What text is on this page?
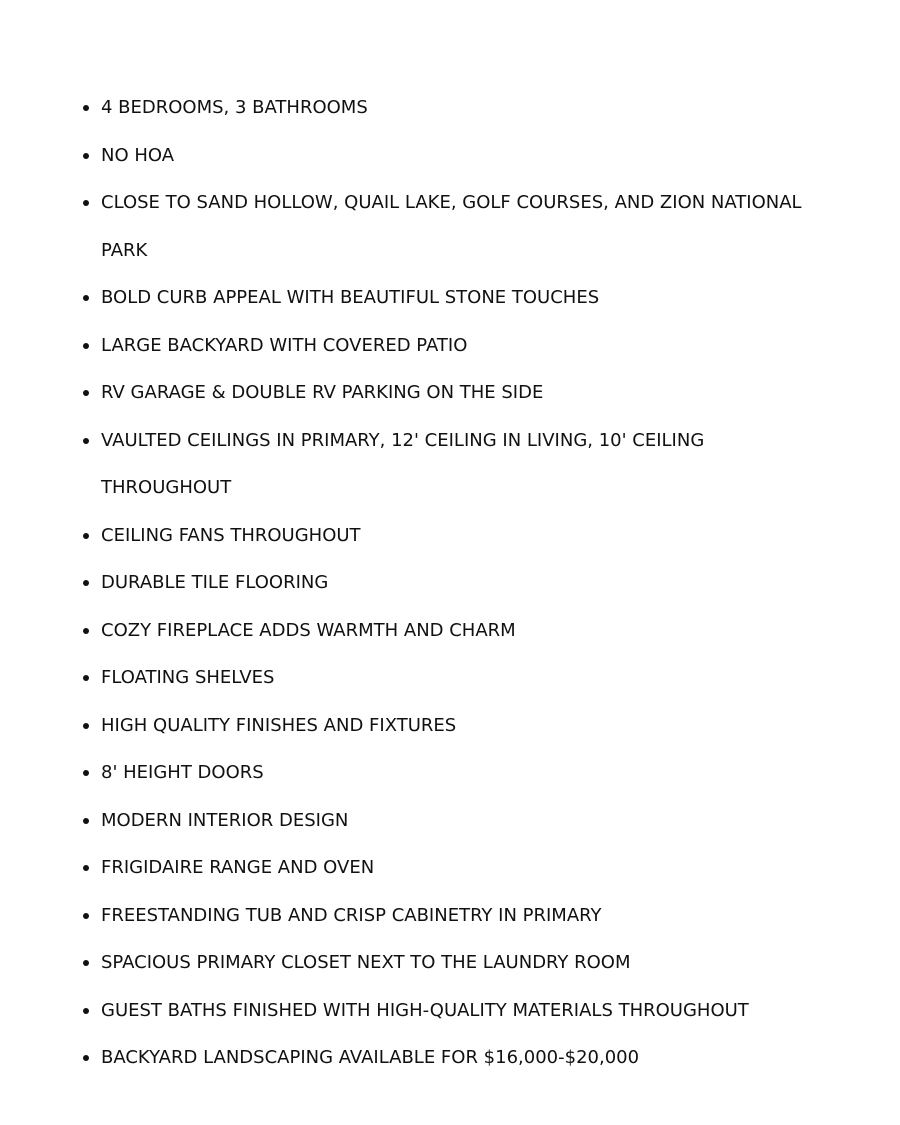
4 BEDROOMS, 3 BATHROOMS
NO HOA
CLOSE TO SAND HOLLOW, QUAIL LAKE, GOLF COURSES, AND ZION NATIONAL PARK
BOLD CURB APPEAL WITH BEAUTIFUL STONE TOUCHES
LARGE BACKYARD WITH COVERED PATIO
RV GARAGE & DOUBLE RV PARKING ON THE SIDE
VAULTED CEILINGS IN PRIMARY, 12' CEILING IN LIVING, 10' CEILING THROUGHOUT
CEILING FANS THROUGHOUT
DURABLE TILE FLOORING
COZY FIREPLACE ADDS WARMTH AND CHARM
FLOATING SHELVES
HIGH QUALITY FINISHES AND FIXTURES
8' HEIGHT DOORS
MODERN INTERIOR DESIGN
FRIGIDAIRE RANGE AND OVEN
FREESTANDING TUB AND CRISP CABINETRY IN PRIMARY
SPACIOUS PRIMARY CLOSET NEXT TO THE LAUNDRY ROOM
GUEST BATHS FINISHED WITH HIGH-QUALITY MATERIALS THROUGHOUT
BACKYARD LANDSCAPING AVAILABLE FOR $16,000-$20,000
